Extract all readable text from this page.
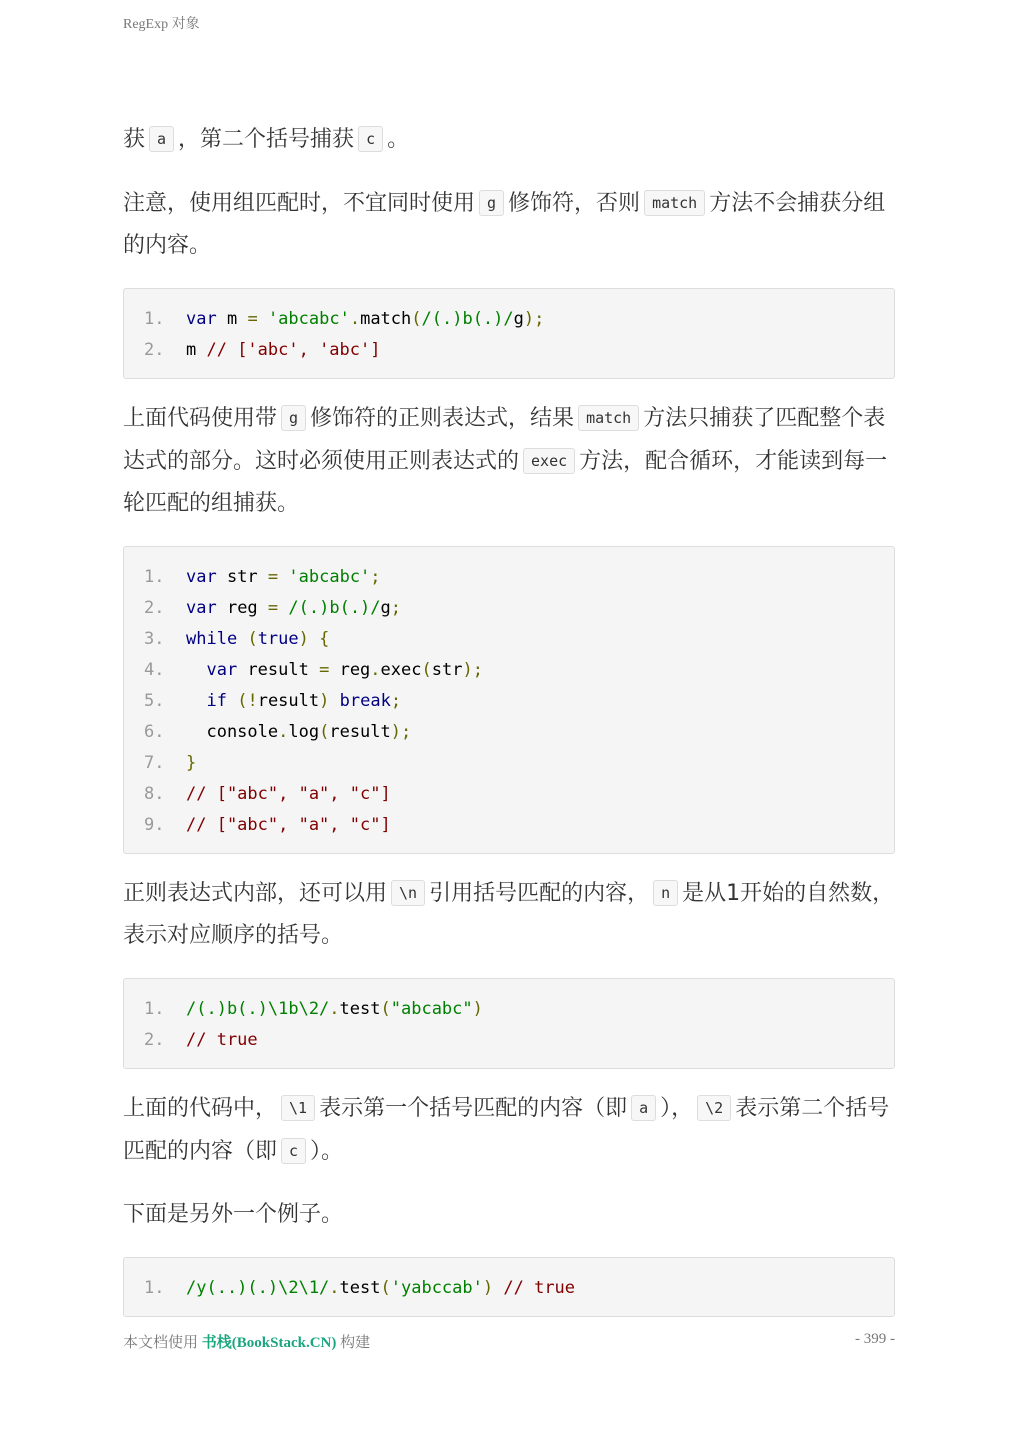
RegExp 对象

获 a ，第二个括号捕获 c 。

注意，使用组匹配时，不宜同时使用 g 修饰符，否则 match 方法不会捕获分组的内容。

1. var m = 'abcabc'.match(/(.)b(.)/g);
2. m // ['abc', 'abc']

上面代码使用带 g 修饰符的正则表达式，结果 match 方法只捕获了匹配整个表达式的部分。这时必须使用正则表达式的 exec 方法，配合循环，才能读到每一轮匹配的组捕获。

1. var str = 'abcabc';
2. var reg = /(.)b(.)/g;
3. while (true) {
4. var result = reg.exec(str);
5. if (!result) break;
6.  console.log(result);
7. }
8. // ["abc", "a", "c"]
9. // ["abc", "a", "c"]

正则表达式内部，还可以用 \n 引用括号匹配的内容， n 是从1开始的自然数，表示对应顺序的括号。

1. /(.)b(.)\1b\2/.test("abcabc")
2. // true

上面的代码中， \1 表示第一个括号匹配的内容（即 a ）， \2 表示第二个括号匹配的内容（即 c ）。

下面是另外一个例子。

1. /y(..)(.)\2\1/.test('yabccab') // true
本文档使用 书栈(BookStack.CN) 构建	- 399 -
